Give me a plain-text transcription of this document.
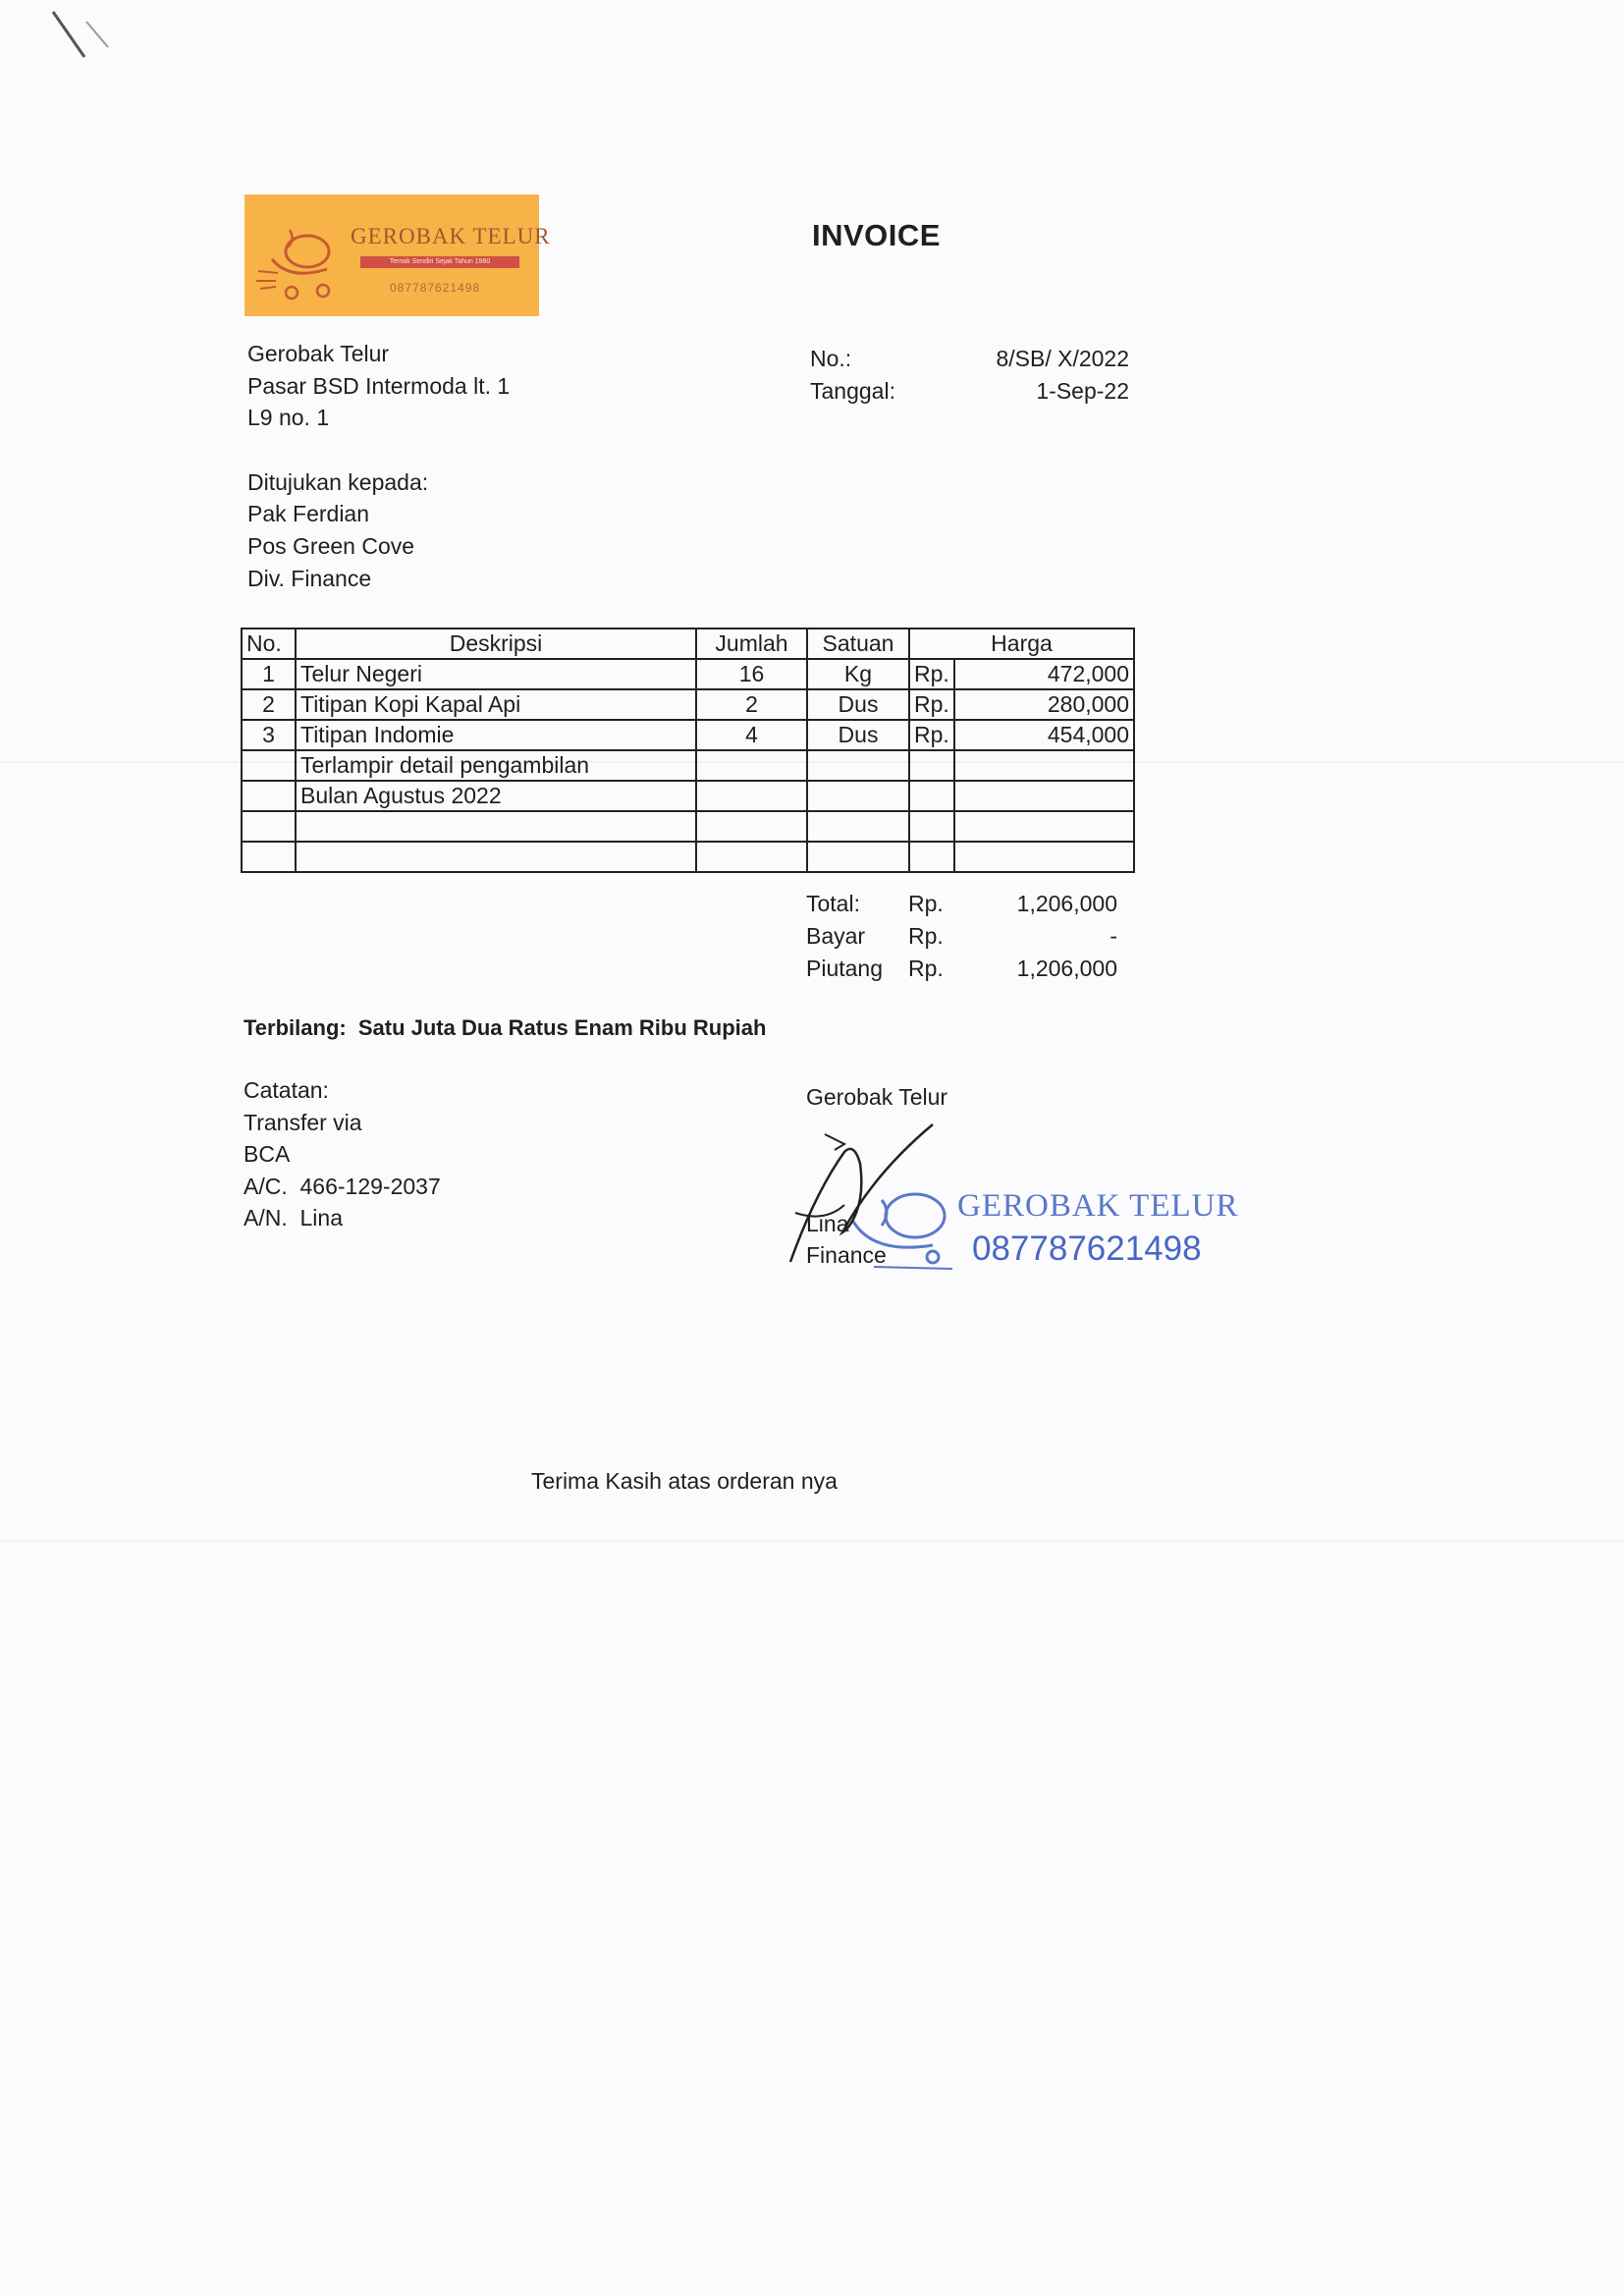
GEROBAK TELUR
Ternak Sendiri Sejak Tahun 1980
087787621498
INVOICE
Gerobak Telur
Pasar BSD Intermoda lt. 1
L9 no. 1
No.:	8/SB/ X/2022
Tanggal:	1-Sep-22
Ditujukan kepada:
Pak Ferdian
Pos Green Cove
Div. Finance
No.	Deskripsi	Jumlah	Satuan	Harga	
1	Telur Negeri	16	Kg	Rp.	472,000
2	Titipan Kopi Kapal Api	2	Dus	Rp.	280,000
3	Titipan Indomie	4	Dus	Rp.	454,000
	Terlampir detail pengambilan				
	Bulan Agustus 2022				

Total:	Rp.	1,206,000
Bayar	Rp.	-
Piutang	Rp.	1,206,000
Terbilang: Satu Juta Dua Ratus Enam Ribu Rupiah
Catatan:
Transfer via
BCA
A/C.  466-129-2037
A/N.  Lina
Gerobak Telur
Lina
Finance
GEROBAK TELUR
087787621498
Terima Kasih atas orderan nya
